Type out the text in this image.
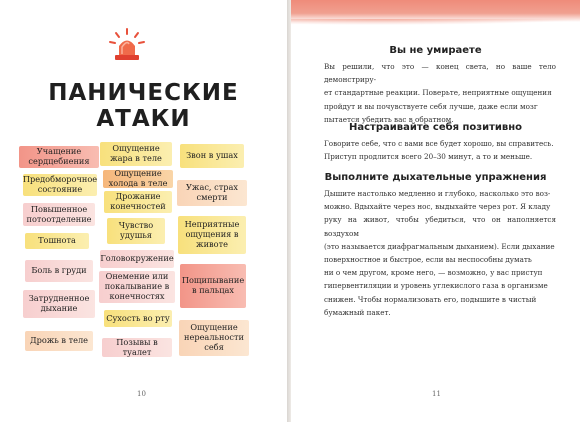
ПАНИЧЕСКИЕ
АТАКИ
Учащение сердцебиения
Предобморочное состояние
Повышенное потоотделение
Тошнота
Боль в груди
Затрудненное дыхание
Дрожь в теле
Ощущение жара в теле
Ощущение холода в теле
Дрожание конечностей
Чувство удушья
Головокружение
Онемение или покалывание в конечностях
Сухость во рту
Позывы в туалет
Звон в ушах
Ужас, страх смерти
Неприятные ощущения в животе
Пощипывание в пальцах
Ощущение нереальности себя
10
Вы не умираете
Вы решили, что это — конец света, но ваше тело демонстриру-
ет стандартные реакции. Поверьте, неприятные ощущения
пройдут и вы почувствуете себя лучше, даже если мозг
пытается убедить вас в обратном.
Настраивайте себя позитивно
Говорите себе, что с вами все будет хорошо, вы справитесь.
Приступ продлится всего 20–30 минут, а то и меньше.
Выполните дыхательные упражнения
Дышите настолько медленно и глубоко, насколько это воз-
можно. Вдыхайте через нос, выдыхайте через рот. Я кладу
руку на живот, чтобы убедиться, что он наполняется воздухом
(это называется диафрагмальным дыханием). Если дыхание
поверхностное и быстрое, если вы неспособны думать
ни о чем другом, кроме него, — возможно, у вас приступ
гипервентиляции и уровень углекислого газа в организме
снижен. Чтобы нормализовать его, подышите в чистый
бумажный пакет.
11
